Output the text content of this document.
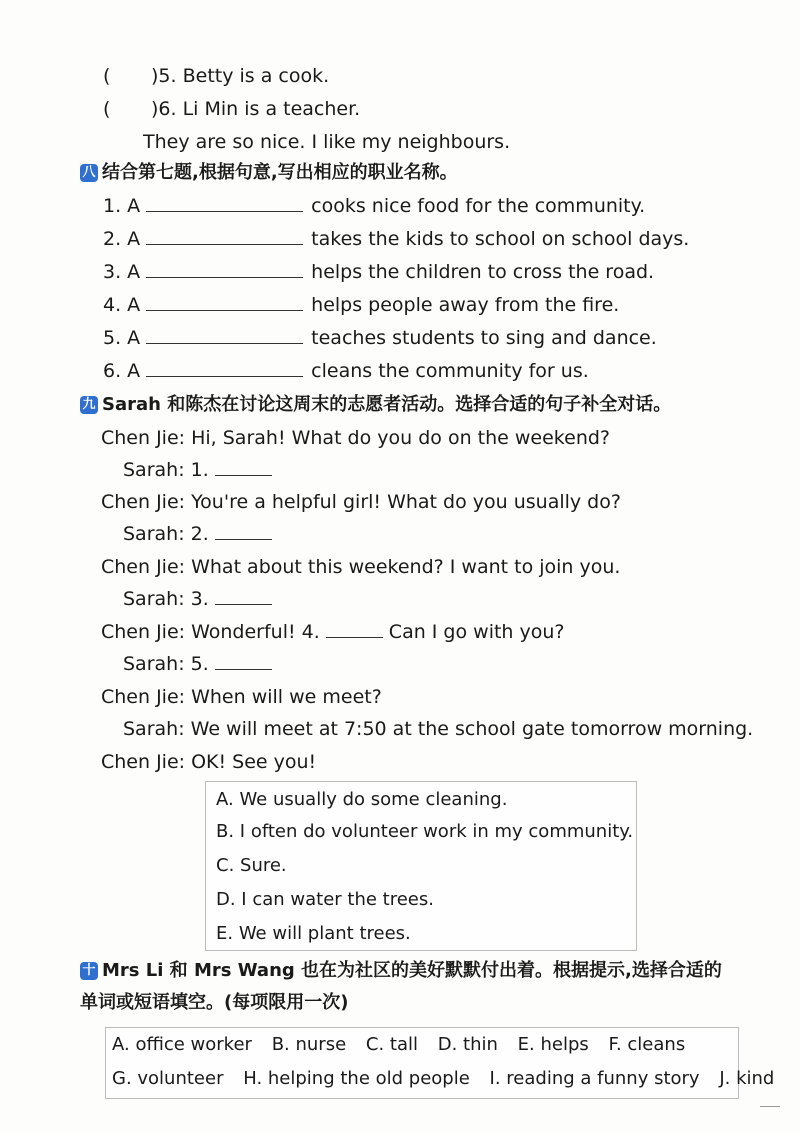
( )5. Betty is a cook.
( )6. Li Min is a teacher.
They are so nice. I like my neighbours.
八 结合第七题,根据句意,写出相应的职业名称。
1. A	cooks nice food for the community.
2. A	takes the kids to school on school days.
3. A	helps the children to cross the road.
4. A	helps people away from the fire.
5. A	teaches students to sing and dance.
6. A	cleans the community for us.
九 Sarah 和陈杰在讨论这周末的志愿者活动。选择合适的句子补全对话。
Chen Jie: Hi, Sarah! What do you do on the weekend?
Sarah: 1.
Chen Jie: You're a helpful girl! What do you usually do?
Sarah: 2.
Chen Jie: What about this weekend? I want to join you.
Sarah: 3.
Chen Jie: Wonderful! 4.	Can I go with you?
Sarah: 5.
Chen Jie: When will we meet?
Sarah: We will meet at 7:50 at the school gate tomorrow morning.
Chen Jie: OK! See you!
A. We usually do some cleaning.
B. I often do volunteer work in my community.
C. Sure.
D. I can water the trees.
E. We will plant trees.
十 Mrs Li 和 Mrs Wang 也在为社区的美好默默付出着。根据提示,选择合适的
单词或短语填空。(每项限用一次)
A. office worker B. nurse C. tall D. thin E. helps F. cleans
G. volunteer H. helping the old people I. reading a funny story J. kind
